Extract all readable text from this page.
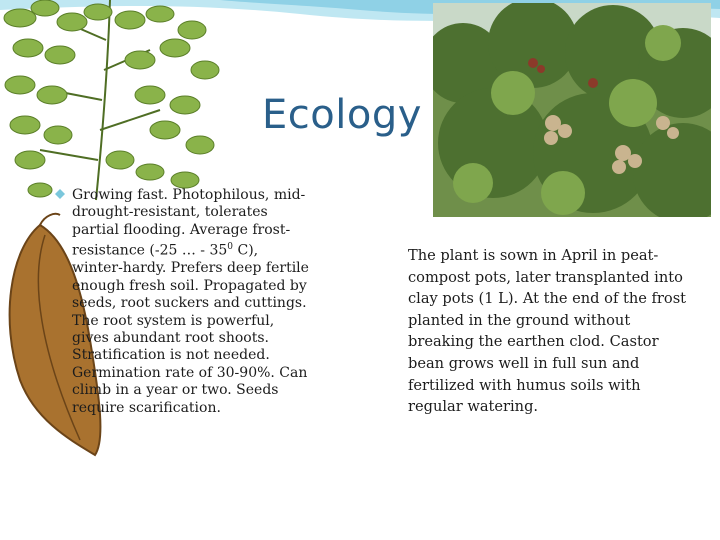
Ecology

Growing fast. Photophilous, mid-drought-resistant, tolerates partial flooding. Average frost-resistance (-25 … - $35^0$ C), winter-hardy. Prefers deep fertile enough fresh soil. Propagated by seeds, root suckers and cuttings. The root system is powerful, gives abundant root shoots. Stratification is not needed. Germination rate of 30-90%. Can climb in a year or two. Seeds require scarification.

The plant is sown in April in peat-compost pots, later transplanted into clay pots (1 L). At the end of the frost planted in the ground without breaking the earthen clod. Castor bean grows well in full sun and fertilized with humus soils with regular watering.
